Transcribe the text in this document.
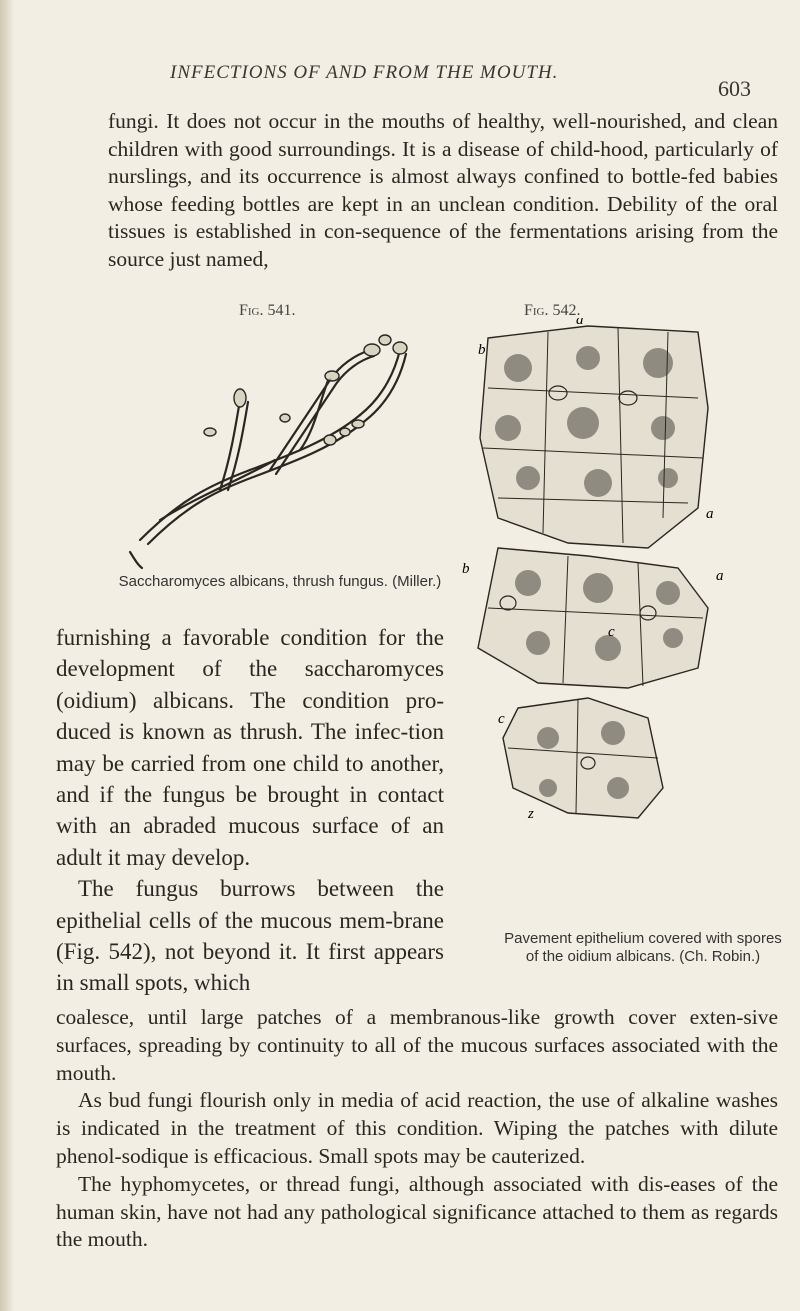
INFECTIONS OF AND FROM THE MOUTH.
603

fungi. It does not occur in the mouths of healthy, well-nourished, and clean children with good surroundings. It is a disease of child-hood, particularly of nurslings, and its occurrence is almost always confined to bottle-fed babies whose feeding bottles are kept in an unclean condition. Debility of the oral tissues is established in con-sequence of the fermentations arising from the source just named,

Fig. 541.	Fig. 542.
Saccharomyces albicans, thrush fungus. (Miller.)
a
b
a
b	a
c
c
z
Pavement epithelium covered with spores of the oidium albicans. (Ch. Robin.)

furnishing a favorable condition for the development of the saccharomyces (oidium) albicans. The condition pro-duced is known as thrush. The infec-tion may be carried from one child to another, and if the fungus be brought in contact with an abraded mucous surface of an adult it may develop.

The fungus burrows between the epithelial cells of the mucous mem-brane (Fig. 542), not beyond it. It first appears in small spots, which

coalesce, until large patches of a membranous-like growth cover exten-sive surfaces, spreading by continuity to all of the mucous surfaces associated with the mouth.

As bud fungi flourish only in media of acid reaction, the use of alkaline washes is indicated in the treatment of this condition. Wiping the patches with dilute phenol-sodique is efficacious. Small spots may be cauterized.

The hyphomycetes, or thread fungi, although associated with dis-eases of the human skin, have not had any pathological significance attached to them as regards the mouth.
